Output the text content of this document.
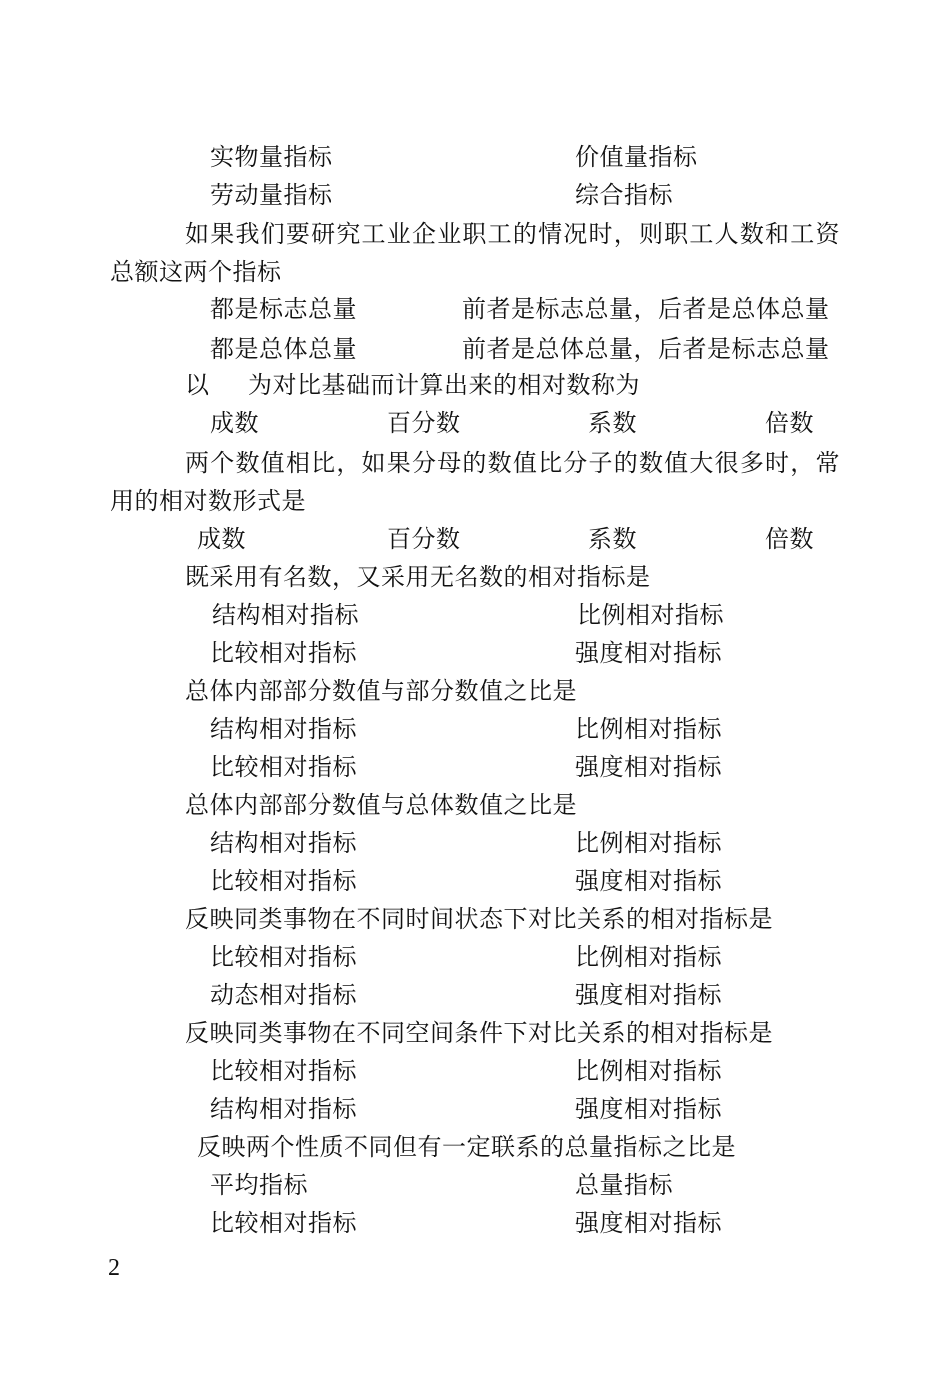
实物量指标	价值量指标
劳动量指标	综合指标
如果我们要研究工业企业职工的情况时，则职工人数和工资总额这两个指标
都是标志总量	前者是标志总量，后者是总体总量
都是总体总量	前者是总体总量，后者是标志总量
以 为对比基础而计算出来的相对数称为
成数	百分数	系数	倍数
两个数值相比，如果分母的数值比分子的数值大很多时，常用的相对数形式是
成数	百分数	系数	倍数
既采用有名数，又采用无名数的相对指标是
结构相对指标	比例相对指标
比较相对指标	强度相对指标
总体内部部分数值与部分数值之比是
结构相对指标	比例相对指标
比较相对指标	强度相对指标
总体内部部分数值与总体数值之比是
结构相对指标	比例相对指标
比较相对指标	强度相对指标
反映同类事物在不同时间状态下对比关系的相对指标是
比较相对指标	比例相对指标
动态相对指标	强度相对指标
反映同类事物在不同空间条件下对比关系的相对指标是
比较相对指标	比例相对指标
结构相对指标	强度相对指标
反映两个性质不同但有一定联系的总量指标之比是
平均指标	总量指标
比较相对指标	强度相对指标
2
